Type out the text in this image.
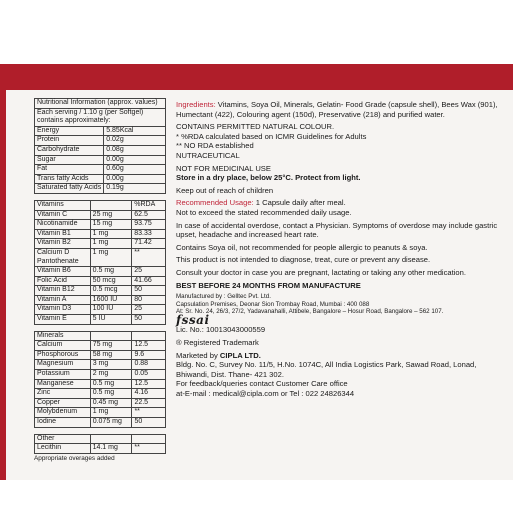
Nutritional Information (approx. values)	
Each serving / 1.10 g (per Softgel) contains approximately:	
Energy	5.85Kcal
Protein	0.02g
Carbohydrate	0.08g
Sugar	0.00g
Fat	0.60g
Trans fatty Acids	0.00g
Saturated fatty Acids	0.19g
Vitamins		%RDA
Vitamin C	25 mg	62.5
Nicotinamide	15 mg	93.75
Vitamin B1	1 mg	83.33
Vitamin B2	1 mg	71.42
Calcium D Pantothenate	1 mg	**
Vitamin B6	0.5 mg	25
Folic Acid	50 mcg	41.66
Vitamin B12	0.5 mcg	50
Vitamin A	1600 IU	80
Vitamin D3	100 IU	25
Vitamin E	5 IU	50
Minerals		
Calcium	75 mg	12.5
Phosphorous	58 mg	9.6
Magnesium	3 mg	0.88
Potassium	2 mg	0.05
Manganese	0.5 mg	12.5
Zinc	0.5 mg	4.16
Copper	0.45 mg	22.5
Molybdenum	1 mg	**
Iodine	0.075 mg	50
Other		
Lecithin	14.1 mg	**
Appropriate overages added

Ingredients: Vitamins, Soya Oil, Minerals, Gelatin- Food Grade (capsule shell), Bees Wax (901), Humectant (422), Colouring agent (150d), Preservative (218) and purified water.

CONTAINS PERMITTED NATURAL COLOUR.

* %RDA calculated based on ICMR Guidelines for Adults

** NO RDA established

NUTRACEUTICAL

NOT FOR MEDICINAL USE

Store in a dry place, below 25°C. Protect from light.

Keep out of reach of children

Recommended Usage: 1 Capsule daily after meal.

Not to exceed the stated recommended daily usage.

In case of accidental overdose, contact a Physician. Symptoms of overdose may include gastric upset, headache and increased heart rate.

Contains Soya oil, not recommended for people allergic to peanuts & soya.

This product is not intended to diagnose, treat, cure or prevent any disease.

Consult your doctor in case you are pregnant, lactating or taking any other medication.

BEST BEFORE 24 MONTHS FROM MANUFACTURE

Manufactured by : Gelltec Pvt. Ltd.

Capsulation Premises, Deonar Sion Trombay Road, Mumbai : 400 088

At: Sr. No. 24, 26/3, 27/2, Yadavanahalli, Attibele, Bangalore – Hosur Road, Bangalore – 562 107.

fssai

Lic. No.: 10013043000559

® Registered Trademark

Marketed by CIPLA LTD.

Bldg. No. C, Survey No. 11/5, H.No. 1074C, All India Logistics Park, Sawad Road, Lonad, Bhiwandi, Dist. Thane- 421 302.

For feedback/queries contact Customer Care office

at-E-mail : medical@cipla.com or Tel : 022 24826344
